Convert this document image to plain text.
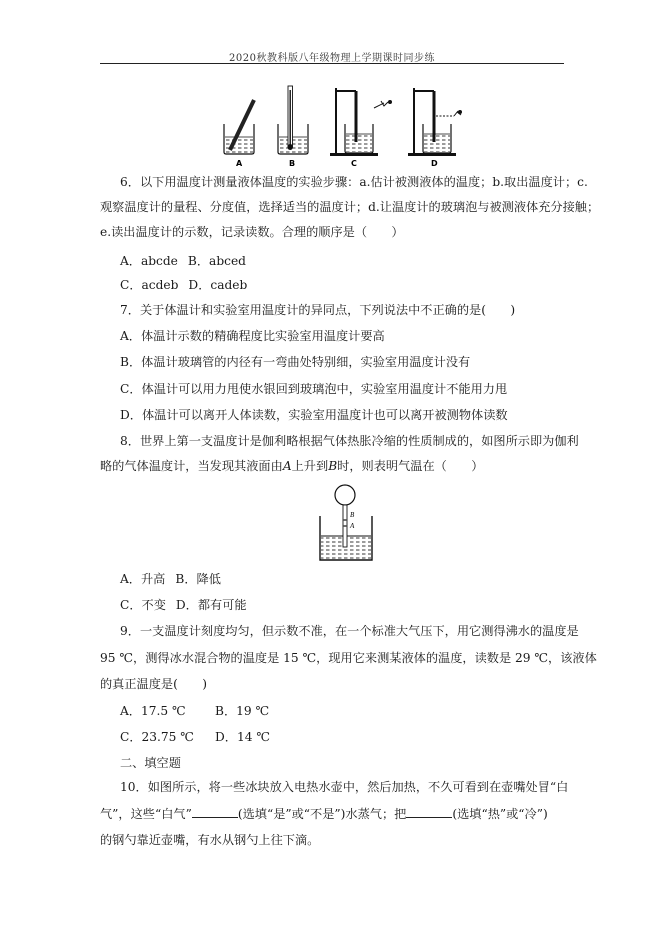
2020秋教科版八年级物理上学期课时同步练
A	B	C	D
6．以下用温度计测量液体温度的实验步骤：a.估计被测液体的温度；b.取出温度计；c.
观察温度计的量程、分度值，选择适当的温度计；d.让温度计的玻璃泡与被测液体充分接触；
e.读出温度计的示数，记录读数。合理的顺序是（　　）
A．abcde B．abced
C．acdeb D．cadeb
7．关于体温计和实验室用温度计的异同点，下列说法中不正确的是(　　)
A．体温计示数的精确程度比实验室用温度计要高
B．体温计玻璃管的内径有一弯曲处特别细，实验室用温度计没有
C．体温计可以用力甩使水银回到玻璃泡中，实验室用温度计不能用力甩
D．体温计可以离开人体读数，实验室用温度计也可以离开被测物体读数
8．世界上第一支温度计是伽利略根据气体热胀冷缩的性质制成的，如图所示即为伽利
略的气体温度计，当发现其液面由A上升到B时，则表明气温在（　　）
B
A
A．升高 B．降低
C．不变 D．都有可能
9．一支温度计刻度均匀，但示数不准，在一个标准大气压下，用它测得沸水的温度是
95 ℃，测得冰水混合物的温度是 15 ℃，现用它来测某液体的温度，读数是 29 ℃，该液体
的真正温度是(　　)
A．17.5 ℃ B．19 ℃
C．23.75 ℃ D．14 ℃
二、填空题
10．如图所示，将一些冰块放入电热水壶中，然后加热，不久可看到在壶嘴处冒“白
气”，这些“白气”	(选填“是”或“不是”)水蒸气；把	(选填“热”或“冷”)
的钢勺靠近壶嘴，有水从钢勺上往下滴。
